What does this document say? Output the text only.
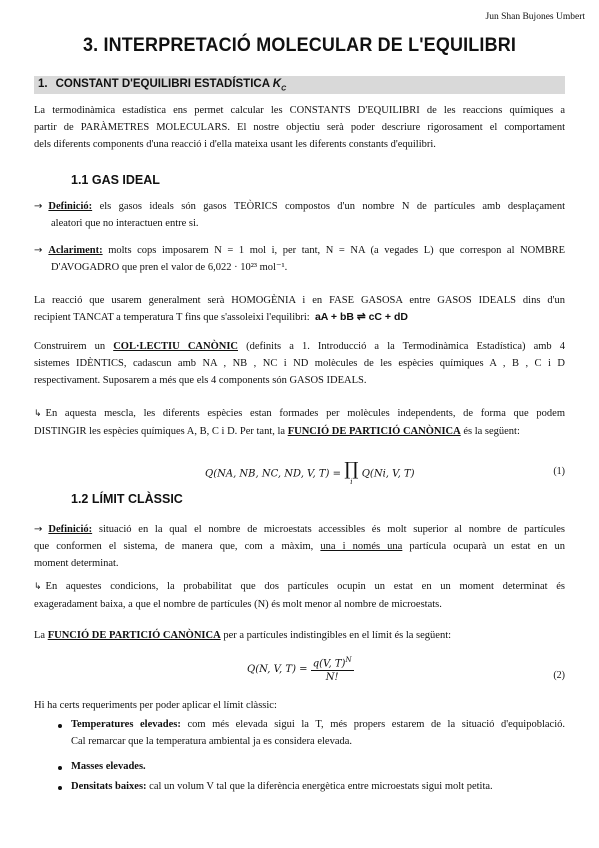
Jun Shan Bujones Umbert
3. INTERPRETACIÓ MOLECULAR DE L'EQUILIBRI
1. CONSTANT D'EQUILIBRI ESTADÍSTICA $K_C$
La termodinàmica estadística ens permet calcular les CONSTANTS D'EQUILIBRI de les reaccions químiques a
partir de PARÀMETRES MOLECULARS. El nostre objectiu serà poder descriure rigorosament el comportament
dels diferents components d'una reacció i d'ella mateixa usant les diferents constants d'equilibri.
1.1 GAS IDEAL
→ Definició: els gasos ideals són gasos TEÒRICS compostos d'un nombre N de partícules amb desplaçament
aleatori que no interactuen entre si.
→ Aclariment: molts cops imposarem N = 1 mol i, per tant, N = NA (a vegades L) que correspon al NOMBRE
D'AVOGADRO que pren el valor de 6,022 · 10²³ mol⁻¹.
La reacció que usarem generalment serà HOMOGÈNIA i en FASE GASOSA entre GASOS IDEALS dins d'un
recipient TANCAT a temperatura T fins que s'assoleixi l'equilibri: aA + bB ⇌ cC + dD
Construirem un COL·LECTIU CANÒNIC (definits a 1. Introducció a la Termodinàmica Estadística) amb 4
sistemes IDÈNTICS, cadascun amb NA , NB , NC i ND molècules de les espècies químiques A , B , C i D
respectivament. Suposarem a més que els 4 components són GASOS IDEALS.
↳ En aquesta mescla, les diferents espècies estan formades per molècules independents, de forma que podem
DISTINGIR les espècies químiques A, B, C i D. Per tant, la FUNCIÓ DE PARTICIÓ CANÒNICA és la següent:
Q(NA, NB, NC, ND, V, T) = ∏
i
Q(Ni, V, T)	(1)
1.2 LÍMIT CLÀSSIC
→ Definició: situació en la qual el nombre de microestats accessibles és molt superior al nombre de partícules
que conformen el sistema, de manera que, com a màxim, una i només una partícula ocuparà un estat en un
moment determinat.
↳ En aquestes condicions, la probabilitat que dos partícules ocupin un estat en un moment determinat és
exageradament baixa, a que el nombre de partícules (N) és molt menor al nombre de microestats.
La FUNCIÓ DE PARTICIÓ CANÒNICA per a partícules indistingibles en el límit és la següent:
Q(N, V, $T) = \frac{q(V, T)^N}{N!}$	(2)
Hi ha certs requeriments per poder aplicar el límit clàssic:
Temperatures elevades: com més elevada sigui la T, més propers estarem de la situació d'equipoblació.
Cal remarcar que la temperatura ambiental ja es considera elevada.
Masses elevades.
Densitats baixes: cal un volum V tal que la diferència energètica entre microestats sigui molt petita.
